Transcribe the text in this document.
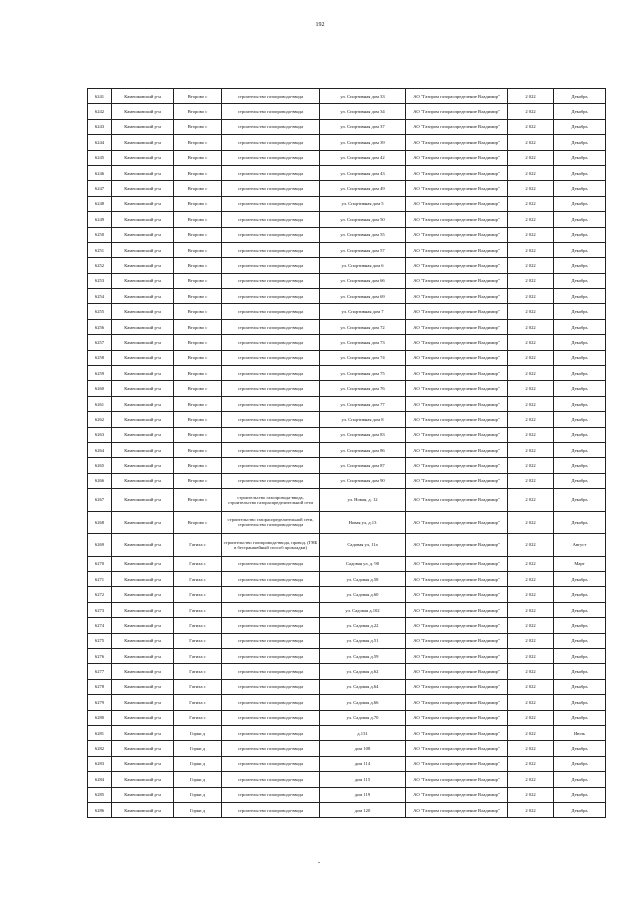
192
6241	Камешковский р-н	Второво с	строительство газопровода-ввода	ул. Спортивная дом 33	АО "Газпром газораспределение Владимир"	2 022	Декабрь
6242	Камешковский р-н	Второво с	строительство газопровода-ввода	ул. Спортивная дом 34	АО "Газпром газораспределение Владимир"	2 022	Декабрь
6243	Камешковский р-н	Второво с	строительство газопровода-ввода	ул. Спортивная дом 37	АО "Газпром газораспределение Владимир"	2 022	Декабрь
6244	Камешковский р-н	Второво с	строительство газопровода-ввода	ул. Спортивная дом 39	АО "Газпром газораспределение Владимир"	2 022	Декабрь
6245	Камешковский р-н	Второво с	строительство газопровода-ввода	ул. Спортивная дом 42	АО "Газпром газораспределение Владимир"	2 022	Декабрь
6246	Камешковский р-н	Второво с	строительство газопровода-ввода	ул. Спортивная дом 43	АО "Газпром газораспределение Владимир"	2 022	Декабрь
6247	Камешковский р-н	Второво с	строительство газопровода-ввода	ул. Спортивная дом 49	АО "Газпром газораспределение Владимир"	2 022	Декабрь
6248	Камешковский р-н	Второво с	строительство газопровода-ввода	ул. Спортивная дом 5	АО "Газпром газораспределение Владимир"	2 022	Декабрь
6249	Камешковский р-н	Второво с	строительство газопровода-ввода	ул. Спортивная дом 50	АО "Газпром газораспределение Владимир"	2 022	Декабрь
6250	Камешковский р-н	Второво с	строительство газопровода-ввода	ул. Спортивная дом 55	АО "Газпром газораспределение Владимир"	2 022	Декабрь
6251	Камешковский р-н	Второво с	строительство газопровода-ввода	ул. Спортивная дом 57	АО "Газпром газораспределение Владимир"	2 022	Декабрь
6252	Камешковский р-н	Второво с	строительство газопровода-ввода	ул. Спортивная дом 6	АО "Газпром газораспределение Владимир"	2 022	Декабрь
6253	Камешковский р-н	Второво с	строительство газопровода-ввода	ул. Спортивная дом 66	АО "Газпром газораспределение Владимир"	2 022	Декабрь
6254	Камешковский р-н	Второво с	строительство газопровода-ввода	ул. Спортивная дом 69	АО "Газпром газораспределение Владимир"	2 022	Декабрь
6255	Камешковский р-н	Второво с	строительство газопровода-ввода	ул. Спортивная дом 7	АО "Газпром газораспределение Владимир"	2 022	Декабрь
6256	Камешковский р-н	Второво с	строительство газопровода-ввода	ул. Спортивная дом 72	АО "Газпром газораспределение Владимир"	2 022	Декабрь
6257	Камешковский р-н	Второво с	строительство газопровода-ввода	ул. Спортивная дом 73	АО "Газпром газораспределение Владимир"	2 022	Декабрь
6258	Камешковский р-н	Второво с	строительство газопровода-ввода	ул. Спортивная дом 74	АО "Газпром газораспределение Владимир"	2 022	Декабрь
6259	Камешковский р-н	Второво с	строительство газопровода-ввода	ул. Спортивная дом 75	АО "Газпром газораспределение Владимир"	2 022	Декабрь
6260	Камешковский р-н	Второво с	строительство газопровода-ввода	ул. Спортивная дом 76	АО "Газпром газораспределение Владимир"	2 022	Декабрь
6261	Камешковский р-н	Второво с	строительство газопровода-ввода	ул. Спортивная дом 77	АО "Газпром газораспределение Владимир"	2 022	Декабрь
6262	Камешковский р-н	Второво с	строительство газопровода-ввода	ул. Спортивная дом 8	АО "Газпром газораспределение Владимир"	2 022	Декабрь
6263	Камешковский р-н	Второво с	строительство газопровода-ввода	ул. Спортивная дом 83	АО "Газпром газораспределение Владимир"	2 022	Декабрь
6264	Камешковский р-н	Второво с	строительство газопровода-ввода	ул. Спортивная дом 86	АО "Газпром газораспределение Владимир"	2 022	Декабрь
6265	Камешковский р-н	Второво с	строительство газопровода-ввода	ул. Спортивная дом 87	АО "Газпром газораспределение Владимир"	2 022	Декабрь
6266	Камешковский р-н	Второво с	строительство газопровода-ввода	ул. Спортивная дом 90	АО "Газпром газораспределение Владимир"	2 022	Декабрь
6267	Камешковский р-н	Второво с	строительство газопровода-ввода, строительство газораспределительной сети	ул. Новая, д. 12	АО "Газпром газораспределение Владимир"	2 022	Декабрь
6268	Камешковский р-н	Второво с	строительство газораспределительной сети, строительство газопровода-ввода	Новая ул, д.13	АО "Газпром газораспределение Владимир"	2 022	Декабрь
6269	Камешковский р-н	Гатиха с	строительство газопровода-ввода, провод. (ГНБ в бестраншейный способ прокладки)	Садовая ул, 11а	АО "Газпром газораспределение Владимир"	2 022	Август
6270	Камешковский р-н	Гатиха с	строительство газопровода-ввода	Садовая ул, д. 90	АО "Газпром газораспределение Владимир"	2 022	Март
6271	Камешковский р-н	Гатиха с	строительство газопровода-ввода	ул. Садовая д.58	АО "Газпром газораспределение Владимир"	2 022	Декабрь
6272	Камешковский р-н	Гатиха с	строительство газопровода-ввода	ул. Садовая д.60	АО "Газпром газораспределение Владимир"	2 022	Декабрь
6273	Камешковский р-н	Гатиха с	строительство газопровода-ввода	ул. Садовая д.102	АО "Газпром газораспределение Владимир"	2 022	Декабрь
6274	Камешковский р-н	Гатиха с	строительство газопровода-ввода	ул. Садовая д.22	АО "Газпром газораспределение Владимир"	2 022	Декабрь
6275	Камешковский р-н	Гатиха с	строительство газопровода-ввода	ул. Садовая д.51	АО "Газпром газораспределение Владимир"	2 022	Декабрь
6276	Камешковский р-н	Гатиха с	строительство газопровода-ввода	ул. Садовая д.59	АО "Газпром газораспределение Владимир"	2 022	Декабрь
6277	Камешковский р-н	Гатиха с	строительство газопровода-ввода	ул. Садовая д.62	АО "Газпром газораспределение Владимир"	2 022	Декабрь
6278	Камешковский р-н	Гатиха с	строительство газопровода-ввода	ул. Садовая д.64	АО "Газпром газораспределение Владимир"	2 022	Декабрь
6279	Камешковский р-н	Гатиха с	строительство газопровода-ввода	ул. Садовая д.66	АО "Газпром газораспределение Владимир"	2 022	Декабрь
6280	Камешковский р-н	Гатиха с	строительство газопровода-ввода	ул. Садовая д.70	АО "Газпром газораспределение Владимир"	2 022	Декабрь
6281	Камешковский р-н	Горки д	строительство газопровода-ввода	д.131	АО "Газпром газораспределение Владимир"	2 022	Июль
6282	Камешковский р-н	Горки д	строительство газопровода-ввода	дом 108	АО "Газпром газораспределение Владимир"	2 022	Декабрь
6283	Камешковский р-н	Горки д	строительство газопровода-ввода	дом 114	АО "Газпром газораспределение Владимир"	2 022	Декабрь
6284	Камешковский р-н	Горки д	строительство газопровода-ввода	дом 115	АО "Газпром газораспределение Владимир"	2 022	Декабрь
6285	Камешковский р-н	Горки д	строительство газопровода-ввода	дом 119	АО "Газпром газораспределение Владимир"	2 022	Декабрь
6286	Камешковский р-н	Горки д	строительство газопровода-ввода	дом 120	АО "Газпром газораспределение Владимир"	2 022	Декабрь
